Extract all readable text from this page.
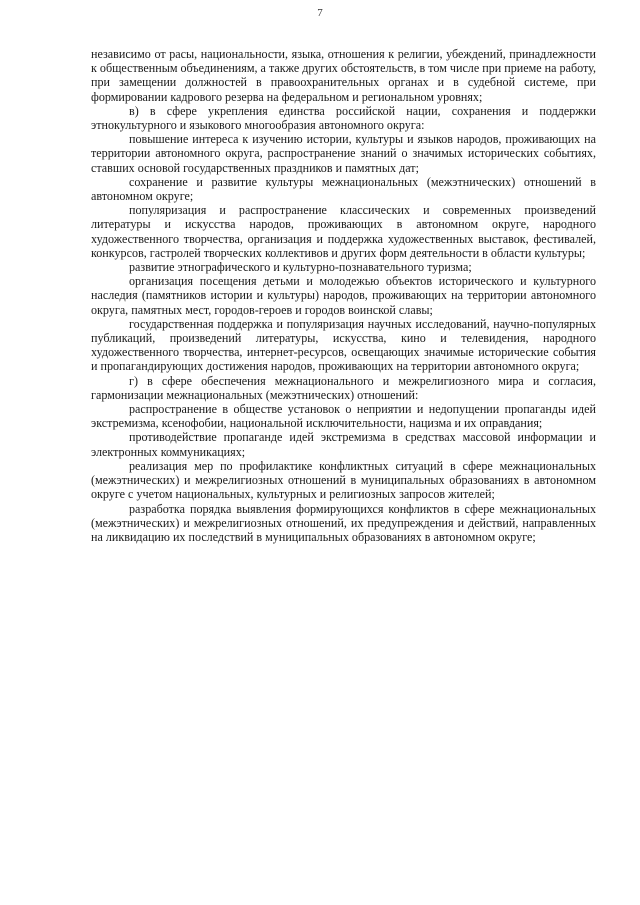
7

независимо от расы, национальности, языка, отношения к религии, убеждений, принадлежности к общественным объединениям, а также других обстоятельств, в том числе при приеме на работу, при замещении должностей в правоохранительных органах и в судебной системе, при формировании кадрового резерва на федеральном и региональном уровнях;

в) в сфере укрепления единства российской нации, сохранения и поддержки этнокультурного и языкового многообразия автономного округа:

повышение интереса к изучению истории, культуры и языков народов, проживающих на территории автономного округа, распространение знаний о значимых исторических событиях, ставших основой государственных праздников и памятных дат;

сохранение и развитие культуры межнациональных (межэтнических) отношений в автономном округе;

популяризация и распространение классических и современных произведений литературы и искусства народов, проживающих в автономном округе, народного художественного творчества, организация и поддержка художественных выставок, фестивалей, конкурсов, гастролей творческих коллективов и других форм деятельности в области культуры;

развитие этнографического и культурно-познавательного туризма;

организация посещения детьми и молодежью объектов исторического и культурного наследия (памятников истории и культуры) народов, проживающих на территории автономного округа, памятных мест, городов-героев и городов воинской славы;

государственная поддержка и популяризация научных исследований, научно-популярных публикаций, произведений литературы, искусства, кино и телевидения, народного художественного творчества, интернет-ресурсов, освещающих значимые исторические события и пропагандирующих достижения народов, проживающих на территории автономного округа;

г) в сфере обеспечения межнационального и межрелигиозного мира и согласия, гармонизации межнациональных (межэтнических) отношений:

распространение в обществе установок о неприятии и недопущении пропаганды идей экстремизма, ксенофобии, национальной исключительности, нацизма и их оправдания;

противодействие пропаганде идей экстремизма в средствах массовой информации и электронных коммуникациях;

реализация мер по профилактике конфликтных ситуаций в сфере межнациональных (межэтнических) и межрелигиозных отношений в муниципальных образованиях в автономном округе с учетом национальных, культурных и религиозных запросов жителей;

разработка порядка выявления формирующихся конфликтов в сфере межнациональных (межэтнических) и межрелигиозных отношений, их предупреждения и действий, направленных на ликвидацию их последствий в муниципальных образованиях в автономном округе;
